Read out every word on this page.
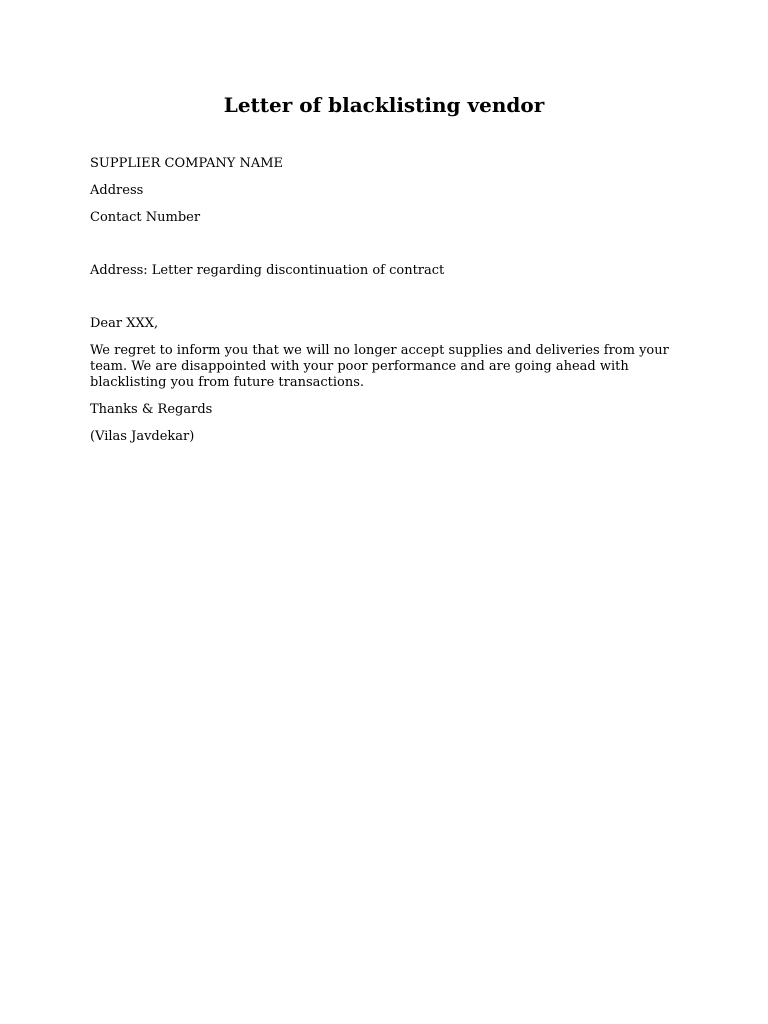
Letter of blacklisting vendor

SUPPLIER COMPANY NAME

Address

Contact Number

Address: Letter regarding discontinuation of contract

Dear XXX,

We regret to inform you that we will no longer accept supplies and deliveries from your
team. We are disappointed with your poor performance and are going ahead with
blacklisting you from future transactions.

Thanks & Regards

(Vilas Javdekar)
